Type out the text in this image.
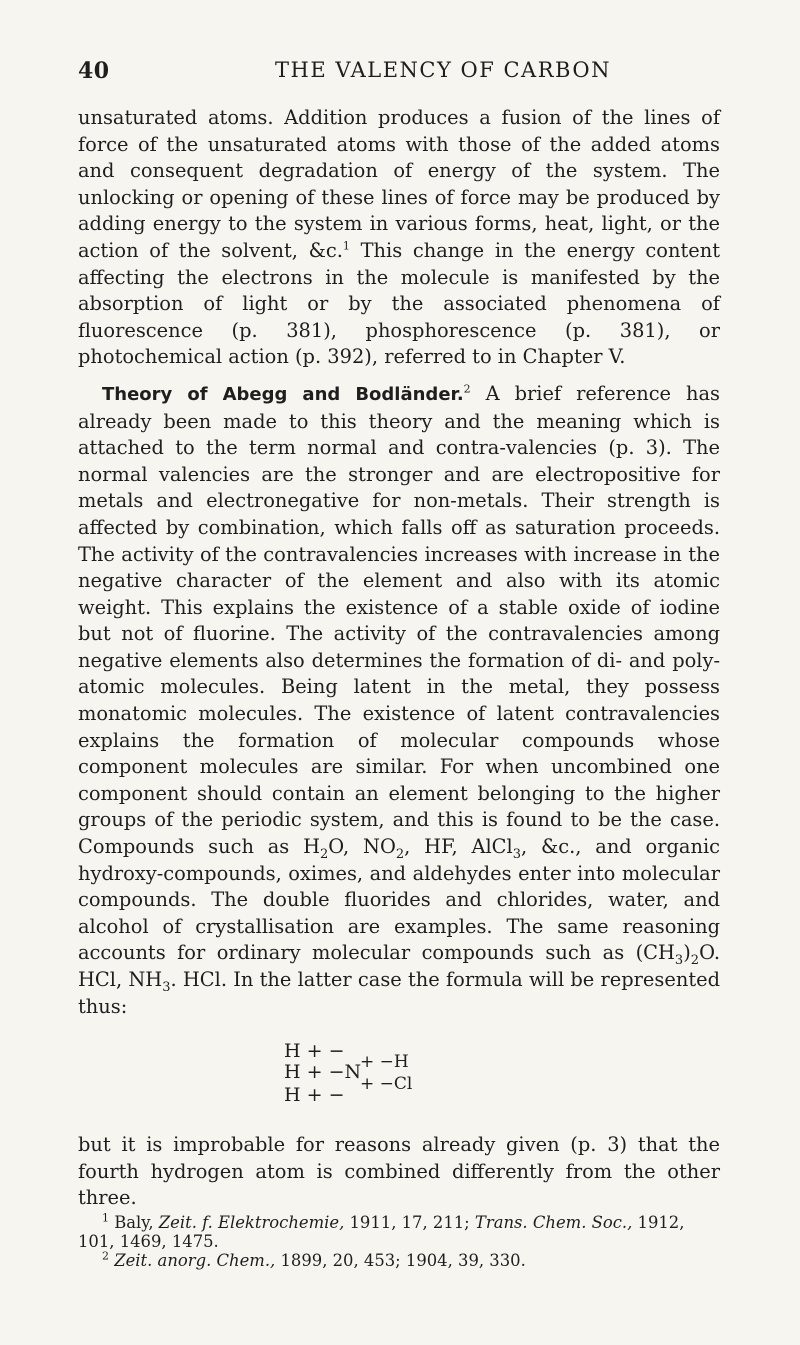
40	THE VALENCY OF CARBON

unsaturated atoms. Addition produces a fusion of the lines of force of the unsaturated atoms with those of the added atoms and consequent degradation of energy of the system. The unlocking or opening of these lines of force may be produced by adding energy to the system in various forms, heat, light, or the action of the solvent, &c.$^1$ This change in the energy content affecting the electrons in the molecule is manifested by the absorption of light or by the associated phenomena of fluorescence (p. 381), phosphorescence (p. 381), or photochemical action (p. 392), referred to in Chapter V.

Theory of Abegg and Bodländer.$^2$ A brief reference has already been made to this theory and the meaning which is attached to the term normal and contra-valencies (p. 3). The normal valencies are the stronger and are electropositive for metals and electronegative for non-metals. Their strength is affected by combination, which falls off as saturation proceeds. The activity of the contravalencies increases with increase in the negative character of the element and also with its atomic weight. This explains the existence of a stable oxide of iodine but not of fluorine. The activity of the contravalencies among negative elements also determines the formation of di- and poly-atomic molecules. Being latent in the metal, they possess monatomic molecules. The existence of latent contravalencies explains the formation of molecular compounds whose component molecules are similar. For when uncombined one component should contain an element belonging to the higher groups of the periodic system, and this is found to be the case. Compounds such as $H_2O$, $NO_2$, HF, AlCl$_3$, &c., and organic hydroxy-compounds, oximes, and aldehydes enter into molecular compounds. The double fluorides and chlorides, water, and alcohol of crystallisation are examples. The same reasoning accounts for ordinary molecular compounds such as $(CH_3)_2O$. HCl, $NH_3$. HCl. In the latter case the formula will be represented thus:

H + −
H + −N
+ −H
H + − + −Cl

but it is improbable for reasons already given (p. 3) that the fourth hydrogen atom is combined differently from the other three.

$^1$ Baly, Zeit. f. Elektrochemie, 1911, 17, 211; Trans. Chem. Soc., 1912, 101, 1469, 1475.

$^2$ Zeit. anorg. Chem., 1899, 20, 453; 1904, 39, 330.
